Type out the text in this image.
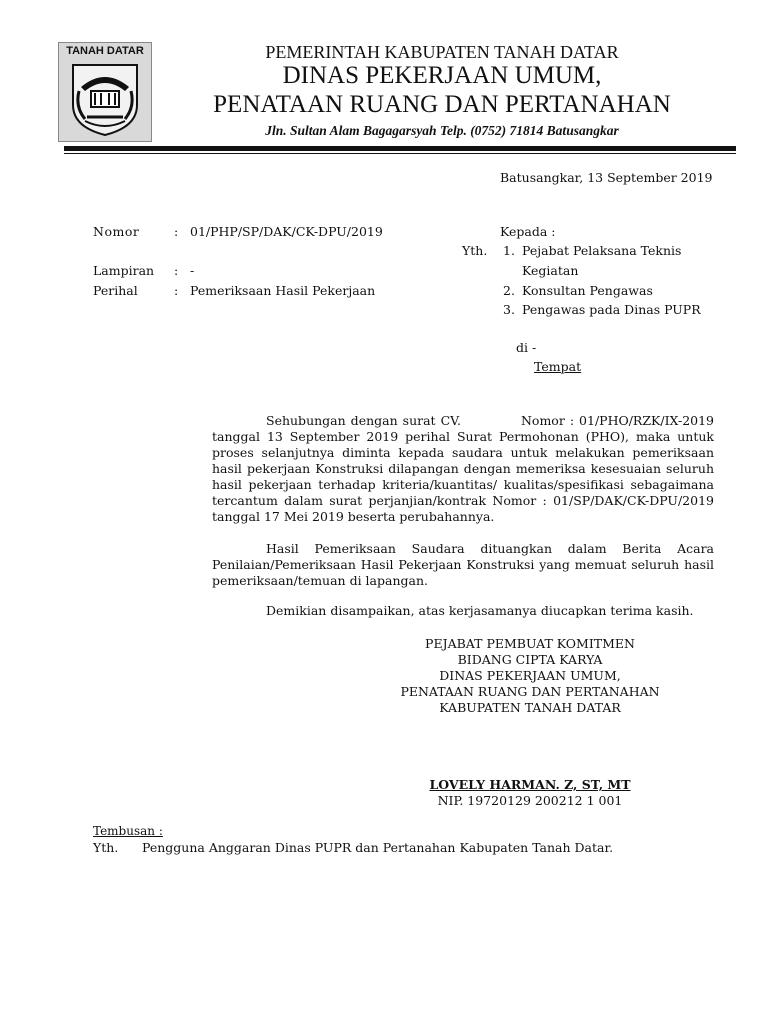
TANAH DATAR	PEMERINTAH KABUPATEN TANAH DATAR
DINAS PEKERJAAN UMUM,
PENATAAN RUANG DAN PERTANAHAN
Jln. Sultan Alam Bagagarsyah Telp. (0752) 71814 Batusangkar
Batusangkar, 13 September 2019
Nomor	: 01/PHP/SP/DAK/CK-DPU/2019
Lampiran : -
Perihal	: Pemeriksaan Hasil Pekerjaan
Kepada :
Yth. 1. Pejabat Pelaksana Teknis
Kegiatan
2. Konsultan Pengawas
3. Pengawas pada Dinas PUPR
di -
Tempat

Sehubungan dengan surat CV.	Nomor : 01/PHO/RZK/IX-2019 tanggal 13 September 2019 perihal Surat Permohonan (PHO), maka untuk proses selanjutnya diminta kepada saudara untuk melakukan pemeriksaan hasil pekerjaan Konstruksi dilapangan dengan memeriksa kesesuaian seluruh hasil pekerjaan terhadap kriteria/kuantitas/ kualitas/spesifikasi sebagaimana tercantum dalam surat perjanjian/kontrak Nomor : 01/SP/DAK/CK-DPU/2019 tanggal 17 Mei 2019 beserta perubahannya.

Hasil Pemeriksaan Saudara dituangkan dalam Berita Acara Penilaian/Pemeriksaan Hasil Pekerjaan Konstruksi yang memuat seluruh hasil pemeriksaan/temuan di lapangan.

Demikian disampaikan, atas kerjasamanya diucapkan terima kasih.

PEJABAT PEMBUAT KOMITMEN
BIDANG CIPTA KARYA
DINAS PEKERJAAN UMUM,
PENATAAN RUANG DAN PERTANAHAN
KABUPATEN TANAH DATAR
LOVELY HARMAN. Z, ST, MT
NIP. 19720129 200212 1 001
Tembusan :
Yth. Pengguna Anggaran Dinas PUPR dan Pertanahan Kabupaten Tanah Datar.
